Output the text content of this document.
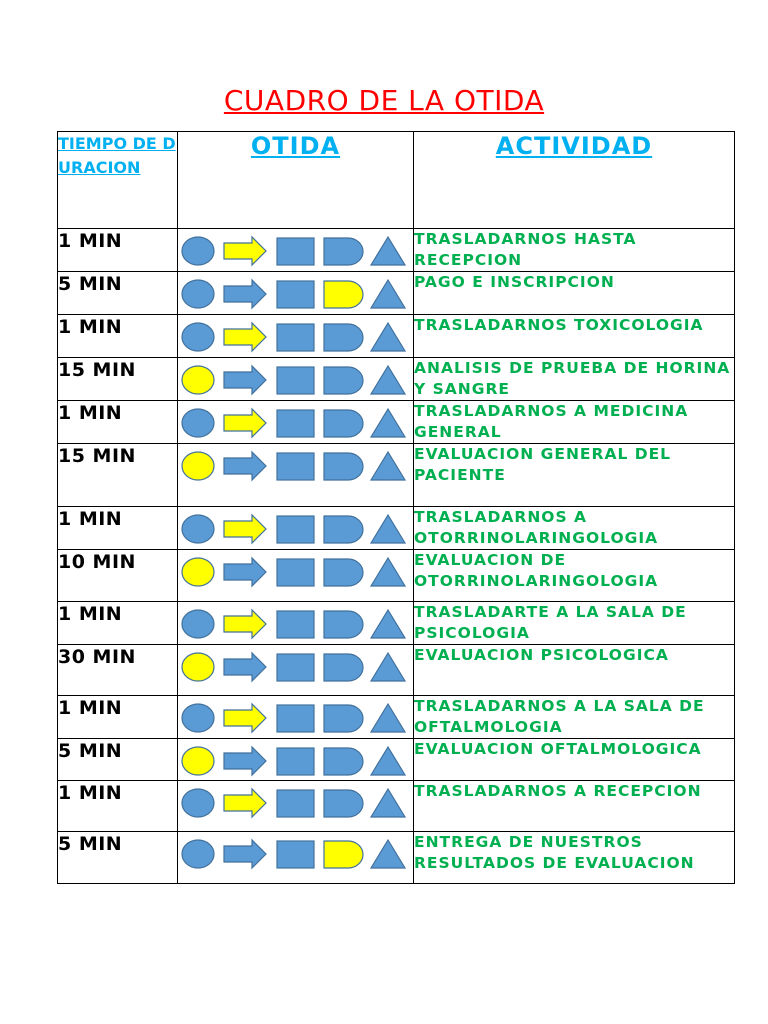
CUADRO DE LA OTIDA
TIEMPO DE DURACION	OTIDA	ACTIVIDAD
1 MIN		TRASLADARNOS HASTA RECEPCION
5 MIN		PAGO E INSCRIPCION
1 MIN		TRASLADARNOS TOXICOLOGIA
15 MIN		ANALISIS DE PRUEBA DE HORINA Y SANGRE
1 MIN		TRASLADARNOS A MEDICINA GENERAL
15 MIN		EVALUACION GENERAL DEL PACIENTE
1 MIN		TRASLADARNOS A OTORRINOLARINGOLOGIA
10 MIN		EVALUACION DE OTORRINOLARINGOLOGIA
1 MIN		TRASLADARTE A LA SALA DE PSICOLOGIA
30 MIN		EVALUACION PSICOLOGICA
1 MIN		TRASLADARNOS A LA SALA DE OFTALMOLOGIA
5 MIN		EVALUACION OFTALMOLOGICA
1 MIN		TRASLADARNOS A RECEPCION
5 MIN		ENTREGA DE NUESTROS RESULTADOS DE EVALUACION
